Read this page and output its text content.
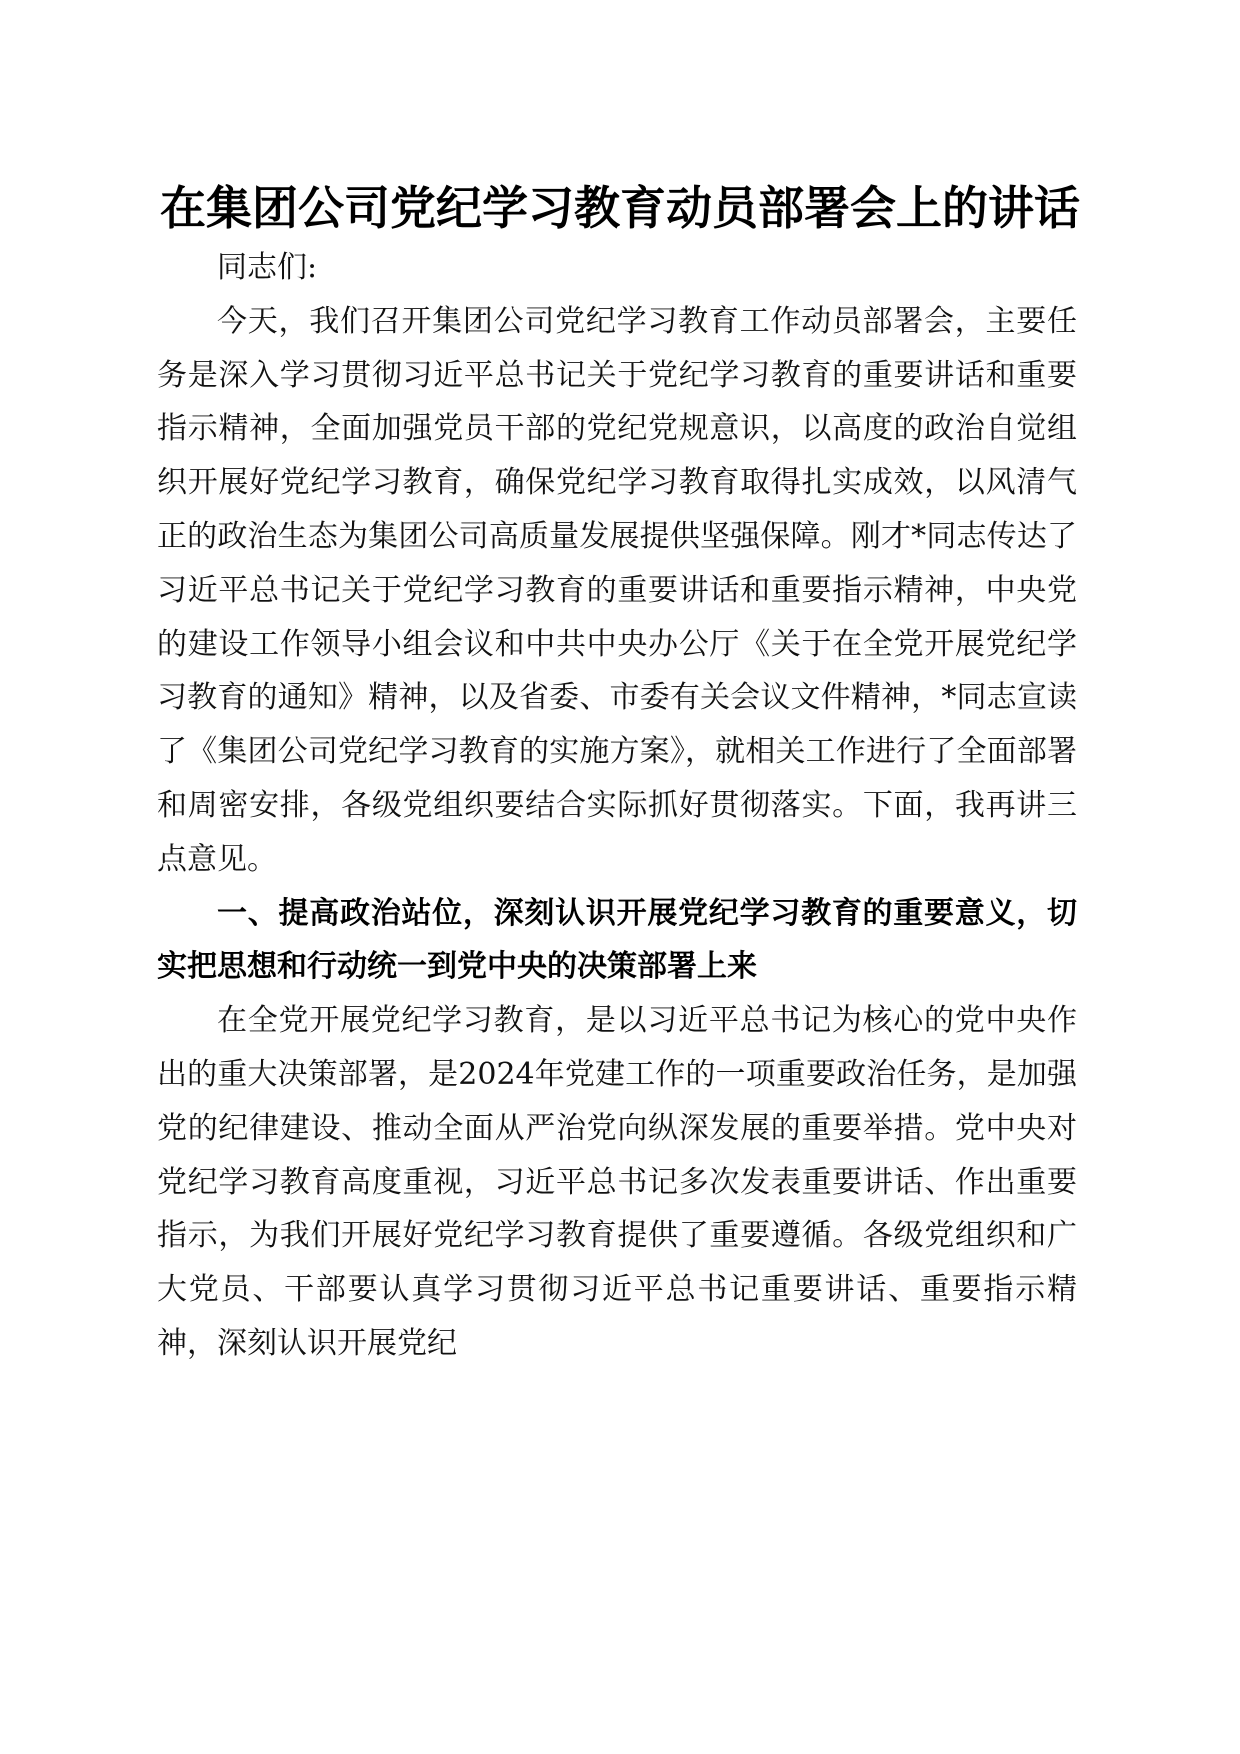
在集团公司党纪学习教育动员部署会上的讲话

同志们:

今天，我们召开集团公司党纪学习教育工作动员部署会，主要任务是深入学习贯彻习近平总书记关于党纪学习教育的重要讲话和重要指示精神，全面加强党员干部的党纪党规意识，以高度的政治自觉组织开展好党纪学习教育，确保党纪学习教育取得扎实成效，以风清气正的政治生态为集团公司高质量发展提供坚强保障。刚才*同志传达了习近平总书记关于党纪学习教育的重要讲话和重要指示精神，中央党的建设工作领导小组会议和中共中央办公厅《关于在全党开展党纪学习教育的通知》精神，以及省委、市委有关会议文件精神，*同志宣读了《集团公司党纪学习教育的实施方案》，就相关工作进行了全面部署和周密安排，各级党组织要结合实际抓好贯彻落实。下面，我再讲三点意见。

一、提高政治站位，深刻认识开展党纪学习教育的重要意义，切实把思想和行动统一到党中央的决策部署上来

在全党开展党纪学习教育，是以习近平总书记为核心的党中央作出的重大决策部署，是2024年党建工作的一项重要政治任务，是加强党的纪律建设、推动全面从严治党向纵深发展的重要举措。党中央对党纪学习教育高度重视，习近平总书记多次发表重要讲话、作出重要指示，为我们开展好党纪学习教育提供了重要遵循。各级党组织和广大党员、干部要认真学习贯彻习近平总书记重要讲话、重要指示精神，深刻认识开展党纪
